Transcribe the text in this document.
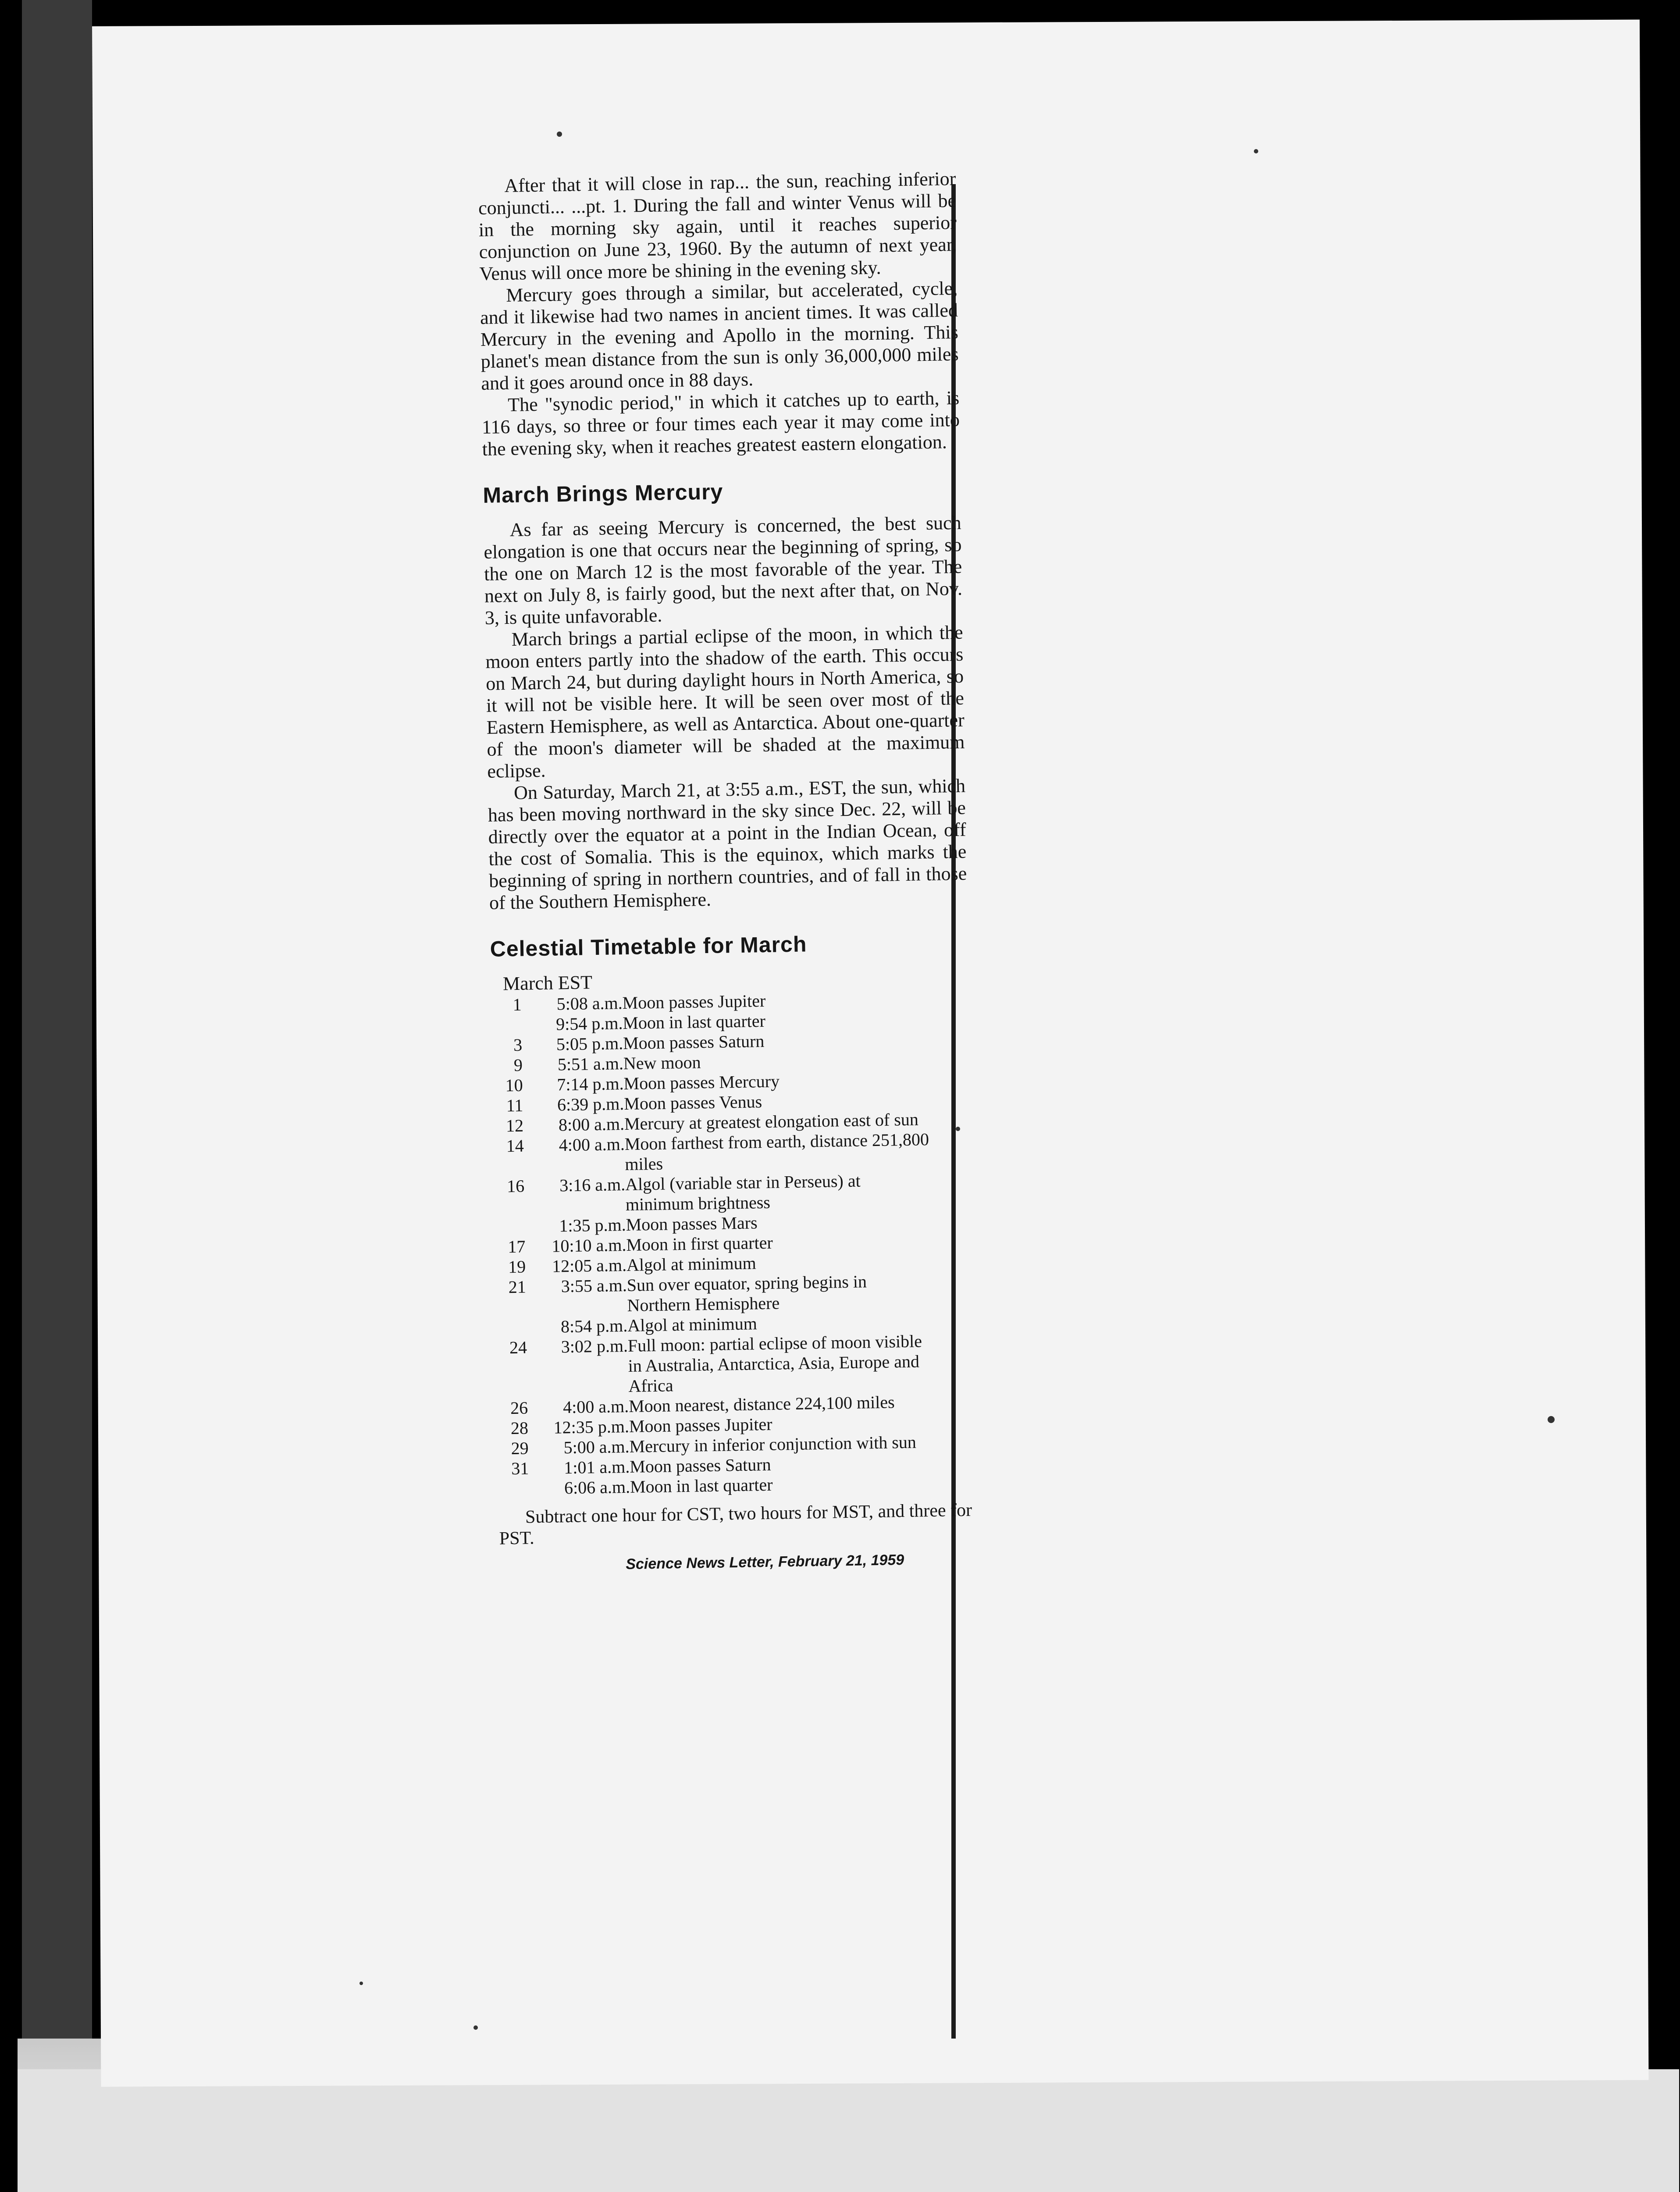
After that it will close in rap... the sun, reaching inferior conjuncti... ...pt. 1. During the fall and winter Venus will be in the morning sky again, until it reaches superior conjunction on June 23, 1960. By the autumn of next year, Venus will once more be shining in the evening sky.

Mercury goes through a similar, but accelerated, cycle, and it likewise had two names in ancient times. It was called Mercury in the evening and Apollo in the morning. This planet's mean distance from the sun is only 36,000,000 miles and it goes around once in 88 days.

The "synodic period," in which it catches up to earth, is 116 days, so three or four times each year it may come into the evening sky, when it reaches greatest eastern elongation.

March Brings Mercury

As far as seeing Mercury is concerned, the best such elongation is one that occurs near the beginning of spring, so the one on March 12 is the most favorable of the year. The next on July 8, is fairly good, but the next after that, on Nov. 3, is quite unfavorable.

March brings a partial eclipse of the moon, in which the moon enters partly into the shadow of the earth. This occurs on March 24, but during daylight hours in North America, so it will not be visible here. It will be seen over most of the Eastern Hemisphere, as well as Antarctica. About one-quarter of the moon's diameter will be shaded at the maximum eclipse.

On Saturday, March 21, at 3:55 a.m., EST, the sun, which has been moving northward in the sky since Dec. 22, will be directly over the equator at a point in the Indian Ocean, off the cost of Somalia. This is the equinox, which marks the beginning of spring in northern countries, and of fall in those of the Southern Hemisphere.

Celestial Timetable for March
March EST
1	5:08 a.m.	Moon passes Jupiter
	9:54 p.m.	Moon in last quarter
3	5:05 p.m.	Moon passes Saturn
9	5:51 a.m.	New moon
10	7:14 p.m.	Moon passes Mercury
11	6:39 p.m.	Moon passes Venus
12	8:00 a.m.	Mercury at greatest elongation east of sun
14	4:00 a.m.	Moon farthest from earth, distance 251,800 miles
16	3:16 a.m.	Algol (variable star in Perseus) at minimum brightness
	1:35 p.m.	Moon passes Mars
17	10:10 a.m.	Moon in first quarter
19	12:05 a.m.	Algol at minimum
21	3:55 a.m.	Sun over equator, spring begins in Northern Hemisphere
	8:54 p.m.	Algol at minimum
24	3:02 p.m.	Full moon: partial eclipse of moon visible in Australia, Antarctica, Asia, Europe and Africa
26	4:00 a.m.	Moon nearest, distance 224,100 miles
28	12:35 p.m.	Moon passes Jupiter
29	5:00 a.m.	Mercury in inferior conjunction with sun
31	1:01 a.m.	Moon passes Saturn
	6:06 a.m.	Moon in last quarter
Subtract one hour for CST, two hours for MST, and three for PST.
Science News Letter, February 21, 1959
